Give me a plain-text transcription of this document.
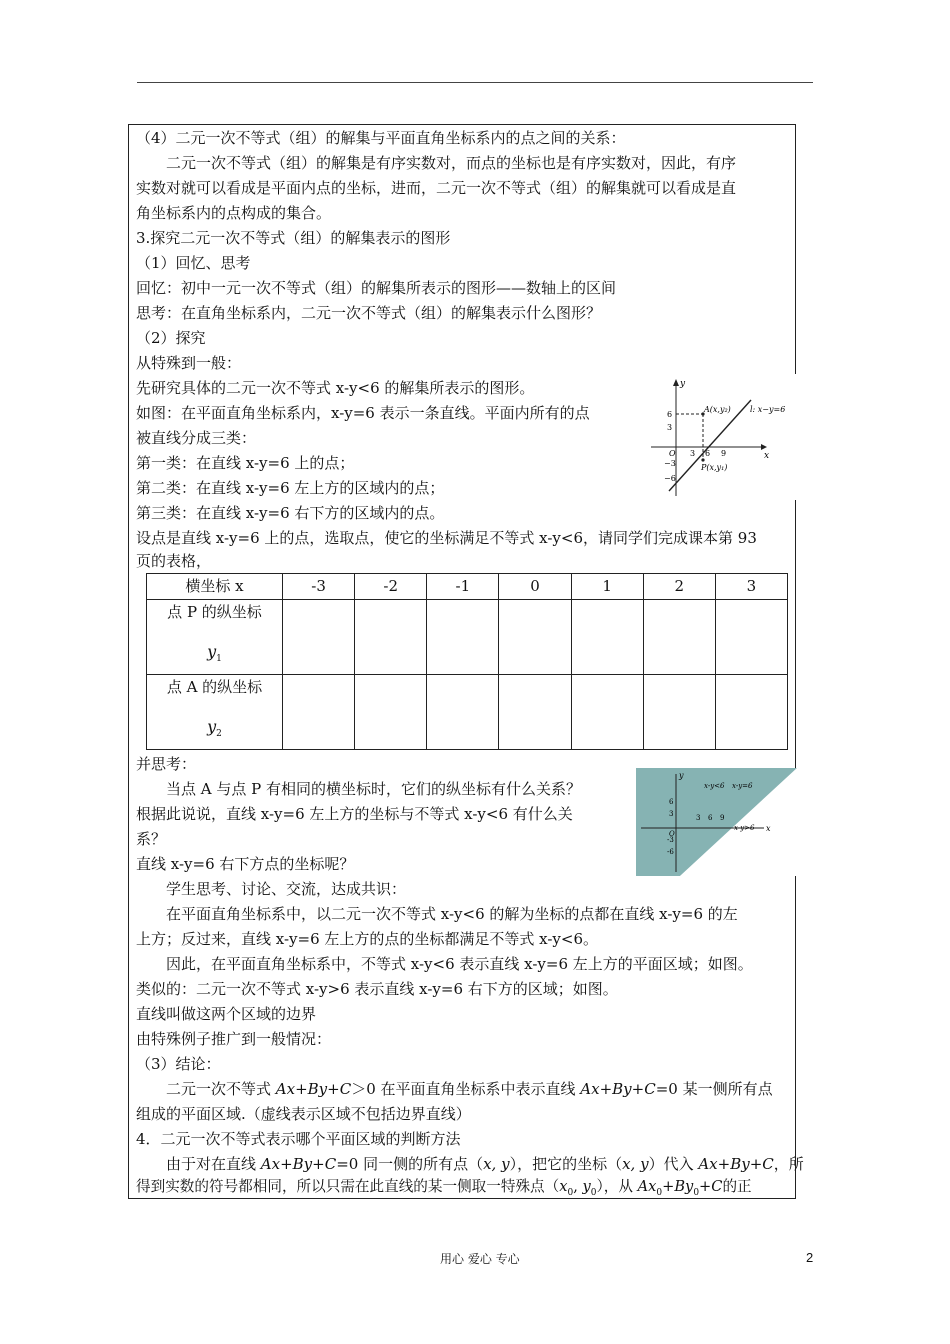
（4）二元一次不等式（组）的解集与平面直角坐标系内的点之间的关系：
二元一次不等式（组）的解集是有序实数对，而点的坐标也是有序实数对，因此，有序
实数对就可以看成是平面内点的坐标，进而，二元一次不等式（组）的解集就可以看成是直
角坐标系内的点构成的集合。
3.探究二元一次不等式（组）的解集表示的图形
（1）回忆、思考
回忆：初中一元一次不等式（组）的解集所表示的图形——数轴上的区间
思考：在直角坐标系内，二元一次不等式（组）的解集表示什么图形？
（2）探究
从特殊到一般：
先研究具体的二元一次不等式 x-y<6 的解集所表示的图形。
如图：在平面直角坐标系内，x-y=6 表示一条直线。平面内所有的点
被直线分成三类：
第一类：在直线 x-y=6 上的点；
第二类：在直线 x-y=6 左上方的区域内的点；
第三类：在直线 x-y=6 右下方的区域内的点。
设点是直线 x-y=6 上的点，选取点，使它的坐标满足不等式 x-y<6，请同学们完成课本第 93
页的表格，
x
y
O
l: x−y=6
A(x,y₂)
P(x,y₁)
3 6 9
6
3
−3
−6
横坐标 x	-3	-2	-1	0	1	2	3
点 P 的纵坐标
$y_1$

点 A 的纵坐标
$y_2$

并思考：
当点 A 与点 P 有相同的横坐标时，它们的纵坐标有什么关系？
根据此说说，直线 x-y=6 左上方的坐标与不等式 x-y<6 有什么关
系？
直线 x-y=6 右下方点的坐标呢？
x
y
O
x-y<6 x-y=6
x-y>6
3 6 9
6
3
-3
-6
学生思考、讨论、交流，达成共识：
在平面直角坐标系中，以二元一次不等式 x-y<6 的解为坐标的点都在直线 x-y=6 的左
上方；反过来，直线 x-y=6 左上方的点的坐标都满足不等式 x-y<6。
因此，在平面直角坐标系中，不等式 x-y<6 表示直线 x-y=6 左上方的平面区域；如图。
类似的：二元一次不等式 x-y>6 表示直线 x-y=6 右下方的区域；如图。
直线叫做这两个区域的边界
由特殊例子推广到一般情况：
（3）结论：
二元一次不等式 Ax+By+C＞0 在平面直角坐标系中表示直线 Ax+By+C=0 某一侧所有点
组成的平面区域.（虚线表示区域不包括边界直线）
4．二元一次不等式表示哪个平面区域的判断方法
由于对在直线 Ax+By+C=0 同一侧的所有点（x, y），把它的坐标（x, y）代入 Ax+By+C，所
得到实数的符号都相同，所以只需在此直线的某一侧取一特殊点（$x_0$, $y_0$），从 $Ax_0+By_0+C$的正
用心 爱心 专心	2
